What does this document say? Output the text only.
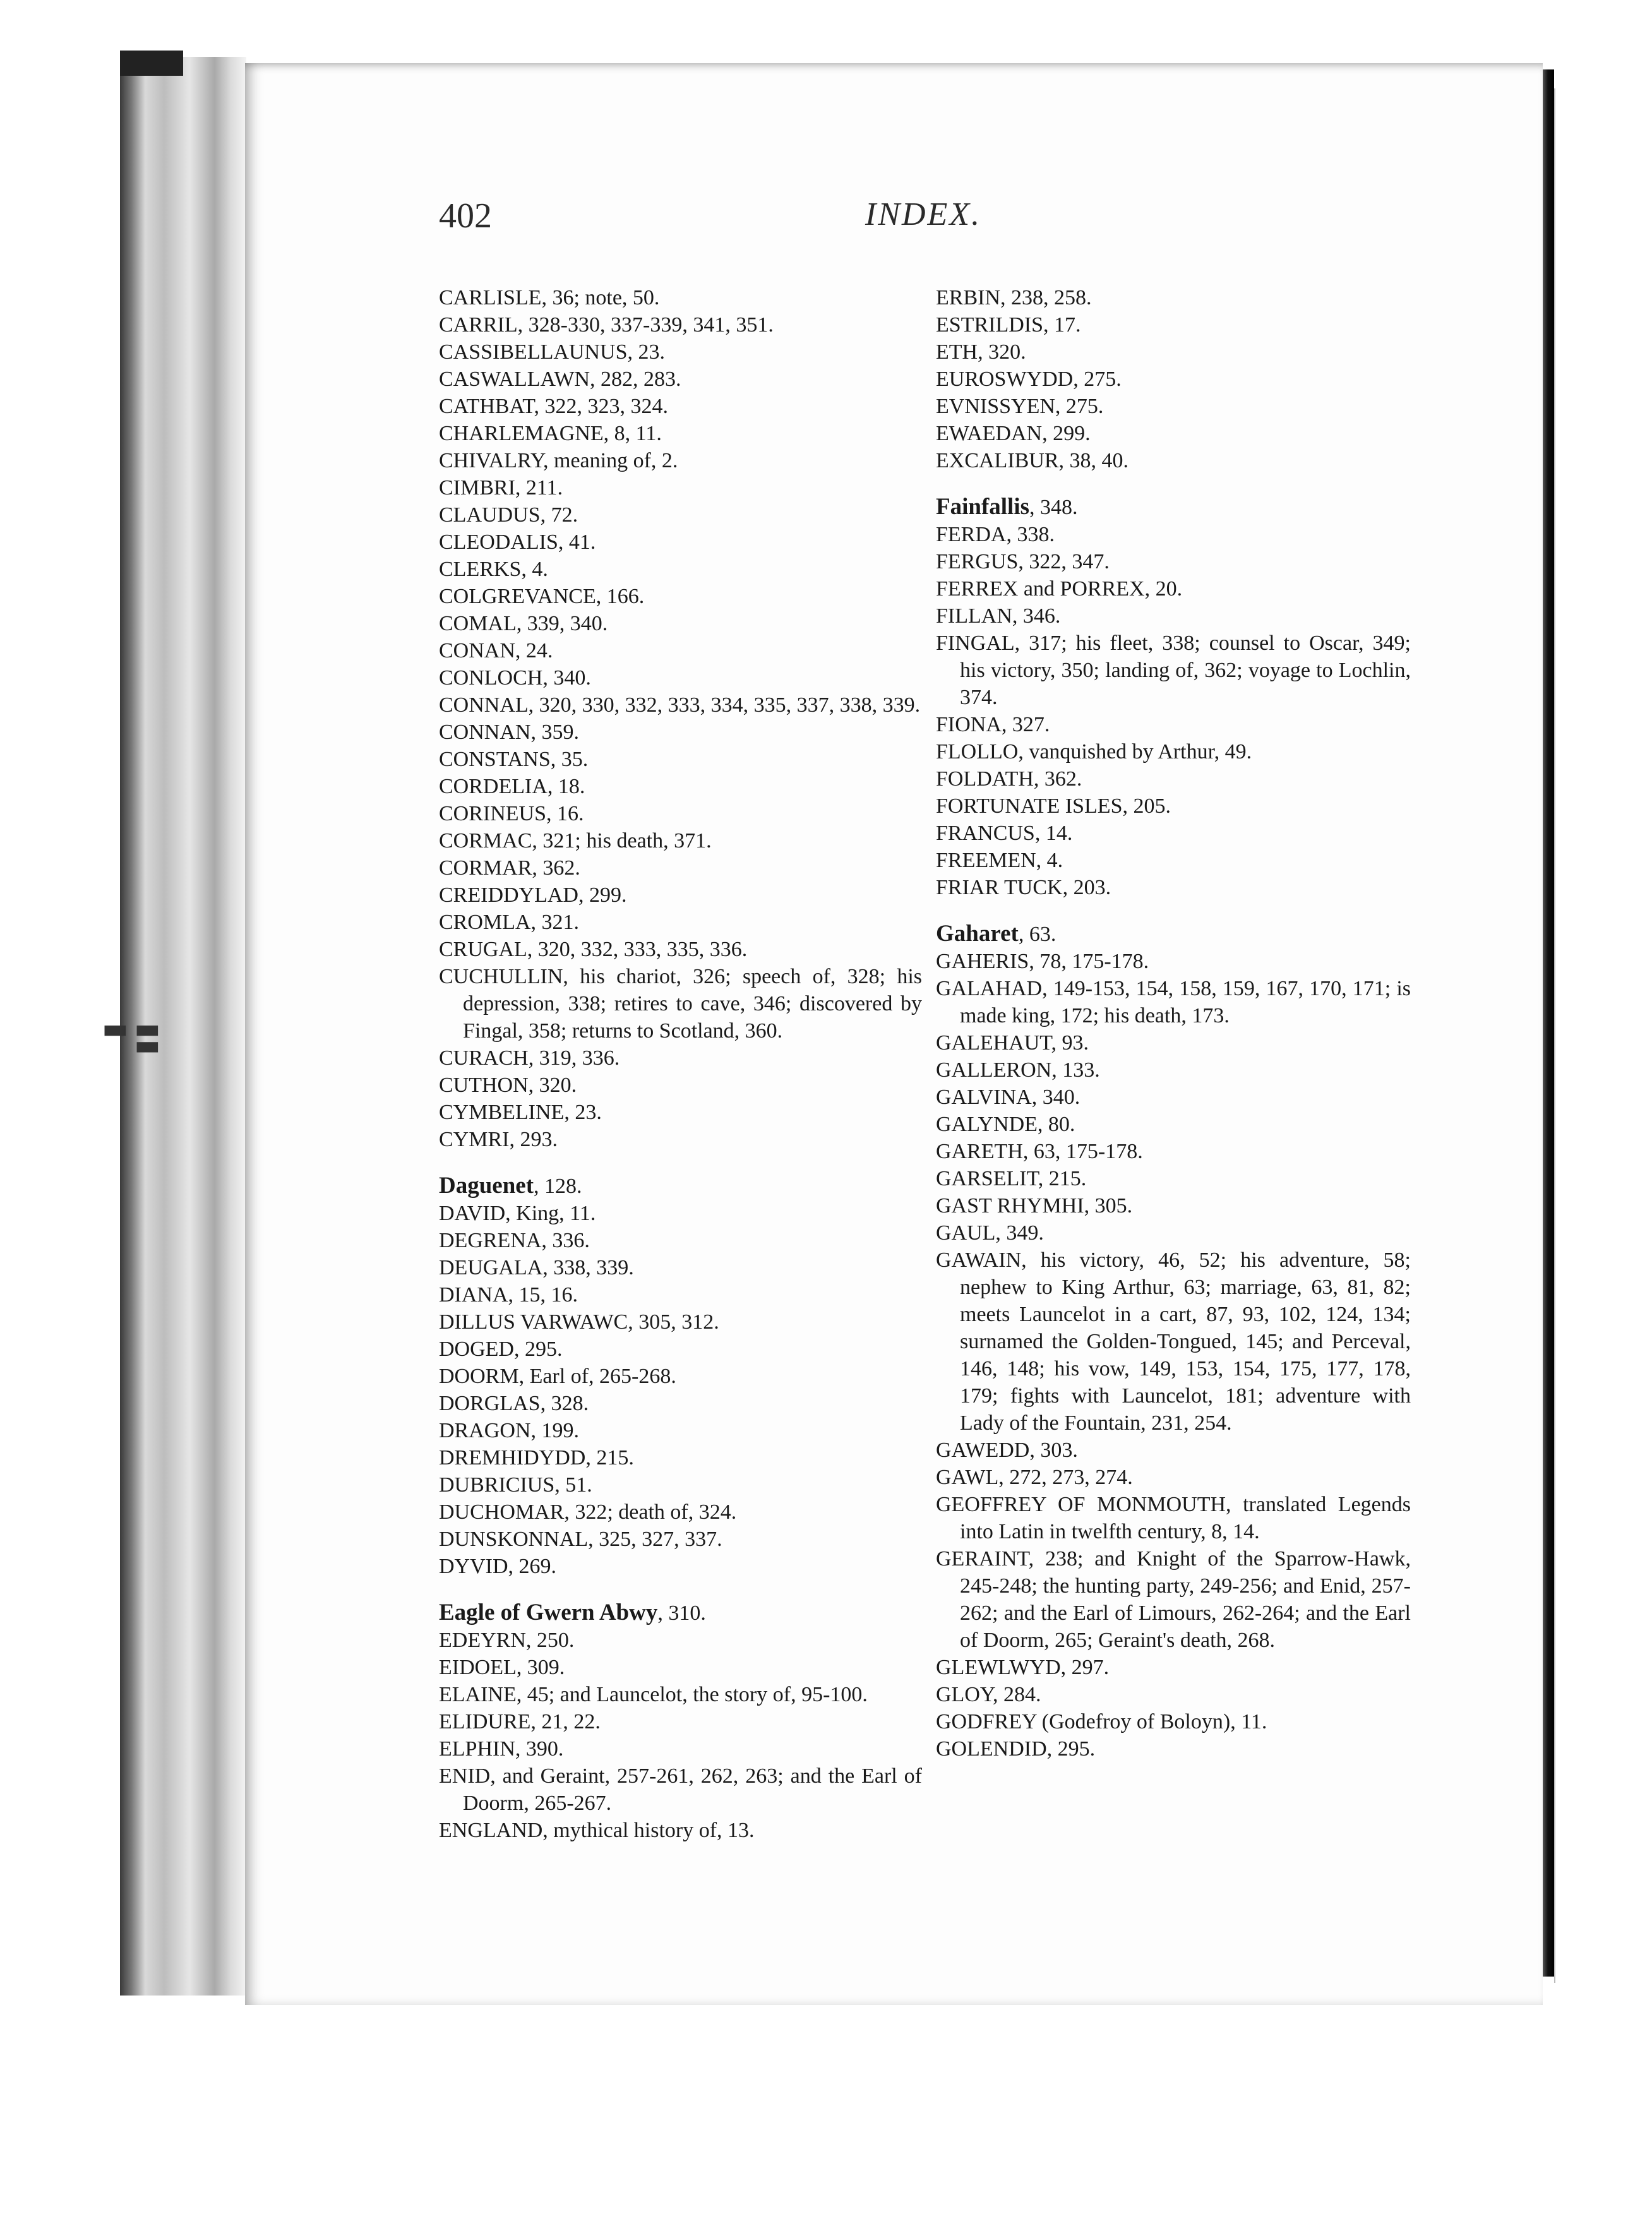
▮▮ ▮
402	INDEX.
CARLISLE, 36; note, 50.
CARRIL, 328-330, 337-339, 341, 351.
CASSIBELLAUNUS, 23.
CASWALLAWN, 282, 283.
CATHBAT, 322, 323, 324.
CHARLEMAGNE, 8, 11.
CHIVALRY, meaning of, 2.
CIMBRI, 211.
CLAUDUS, 72.
CLEODALIS, 41.
CLERKS, 4.
COLGREVANCE, 166.
COMAL, 339, 340.
CONAN, 24.
CONLOCH, 340.
CONNAL, 320, 330, 332, 333, 334, 335, 337, 338, 339.
CONNAN, 359.
CONSTANS, 35.
CORDELIA, 18.
CORINEUS, 16.
CORMAC, 321; his death, 371.
CORMAR, 362.
CREIDDYLAD, 299.
CROMLA, 321.
CRUGAL, 320, 332, 333, 335, 336.
CUCHULLIN, his chariot, 326; speech of, 328; his depression, 338; retires to cave, 346; discovered by Fingal, 358; returns to Scotland, 360.
CURACH, 319, 336.
CUTHON, 320.
CYMBELINE, 23.
CYMRI, 293.
Daguenet, 128.
DAVID, King, 11.
DEGRENA, 336.
DEUGALA, 338, 339.
DIANA, 15, 16.
DILLUS VARWAWC, 305, 312.
DOGED, 295.
DOORM, Earl of, 265-268.
DORGLAS, 328.
DRAGON, 199.
DREMHIDYDD, 215.
DUBRICIUS, 51.
DUCHOMAR, 322; death of, 324.
DUNSKONNAL, 325, 327, 337.
DYVID, 269.
Eagle of Gwern Abwy, 310.
EDEYRN, 250.
EIDOEL, 309.
ELAINE, 45; and Launcelot, the story of, 95-100.
ELIDURE, 21, 22.
ELPHIN, 390.
ENID, and Geraint, 257-261, 262, 263; and the Earl of Doorm, 265-267.
ENGLAND, mythical history of, 13.
ERBIN, 238, 258.
ESTRILDIS, 17.
ETH, 320.
EUROSWYDD, 275.
EVNISSYEN, 275.
EWAEDAN, 299.
EXCALIBUR, 38, 40.
Fainfallis, 348.
FERDA, 338.
FERGUS, 322, 347.
FERREX and PORREX, 20.
FILLAN, 346.
FINGAL, 317; his fleet, 338; counsel to Oscar, 349; his victory, 350; landing of, 362; voyage to Lochlin, 374.
FIONA, 327.
FLOLLO, vanquished by Arthur, 49.
FOLDATH, 362.
FORTUNATE ISLES, 205.
FRANCUS, 14.
FREEMEN, 4.
FRIAR TUCK, 203.
Gaharet, 63.
GAHERIS, 78, 175-178.
GALAHAD, 149-153, 154, 158, 159, 167, 170, 171; is made king, 172; his death, 173.
GALEHAUT, 93.
GALLERON, 133.
GALVINA, 340.
GALYNDE, 80.
GARETH, 63, 175-178.
GARSELIT, 215.
GAST RHYMHI, 305.
GAUL, 349.
GAWAIN, his victory, 46, 52; his adventure, 58; nephew to King Arthur, 63; marriage, 63, 81, 82; meets Launcelot in a cart, 87, 93, 102, 124, 134; surnamed the Golden-Tongued, 145; and Perceval, 146, 148; his vow, 149, 153, 154, 175, 177, 178, 179; fights with Launcelot, 181; adventure with Lady of the Fountain, 231, 254.
GAWEDD, 303.
GAWL, 272, 273, 274.
GEOFFREY OF MONMOUTH, translated Legends into Latin in twelfth century, 8, 14.
GERAINT, 238; and Knight of the Sparrow-Hawk, 245-248; the hunting party, 249-256; and Enid, 257-262; and the Earl of Limours, 262-264; and the Earl of Doorm, 265; Geraint's death, 268.
GLEWLWYD, 297.
GLOY, 284.
GODFREY (Godefroy of Boloyn), 11.
GOLENDID, 295.
